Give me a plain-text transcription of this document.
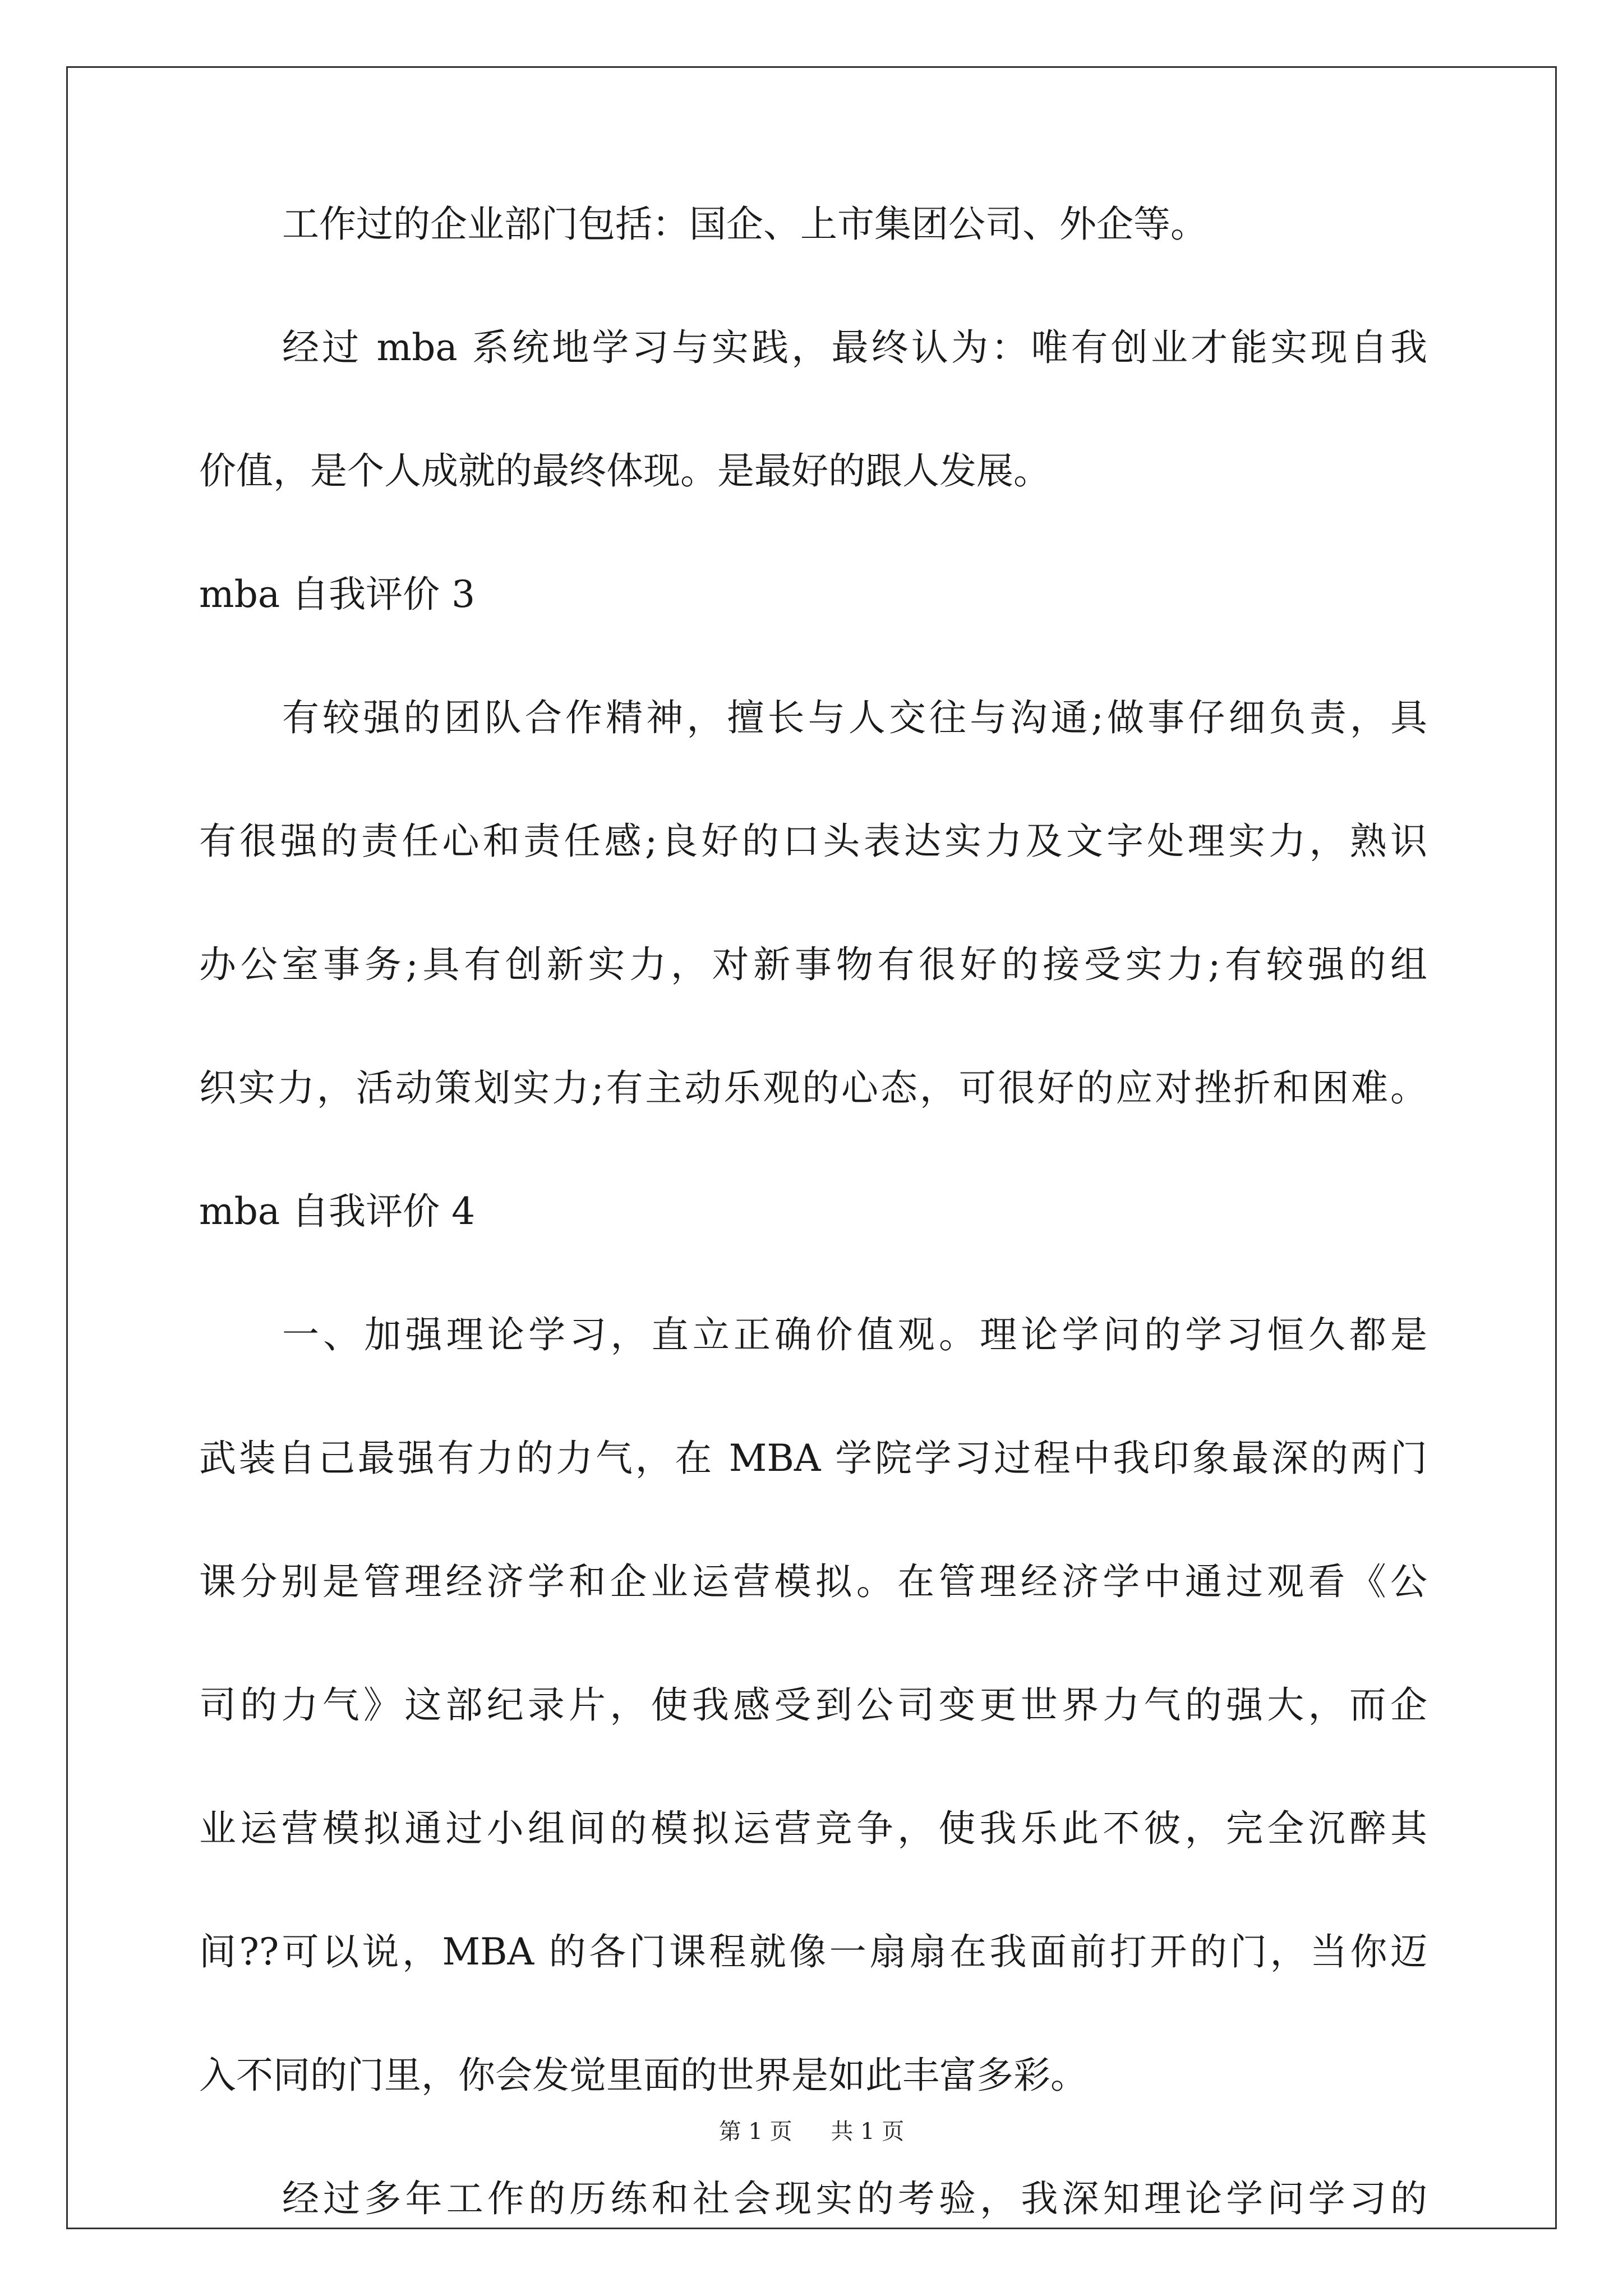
工作过的企业部门包括：国企、上市集团公司、外企等。
经过 mba 系统地学习与实践，最终认为：唯有创业才能实现自我
价值，是个人成就的最终体现。是最好的跟人发展。
mba 自我评价 3
有较强的团队合作精神，擅长与人交往与沟通;做事仔细负责，具
有很强的责任心和责任感;良好的口头表达实力及文字处理实力，熟识
办公室事务;具有创新实力，对新事物有很好的接受实力;有较强的组
织实力，活动策划实力;有主动乐观的心态，可很好的应对挫折和困难。
mba 自我评价 4
一、加强理论学习，直立正确价值观。理论学问的学习恒久都是
武装自己最强有力的力气，在 MBA 学院学习过程中我印象最深的两门
课分别是管理经济学和企业运营模拟。在管理经济学中通过观看《公
司的力气》这部纪录片，使我感受到公司变更世界力气的强大，而企
业运营模拟通过小组间的模拟运营竞争，使我乐此不彼，完全沉醉其
间??可以说，MBA 的各门课程就像一扇扇在我面前打开的门，当你迈
入不同的门里，你会发觉里面的世界是如此丰富多彩。
经过多年工作的历练和社会现实的考验，我深知理论学问学习的
第 1 页 共 1 页
